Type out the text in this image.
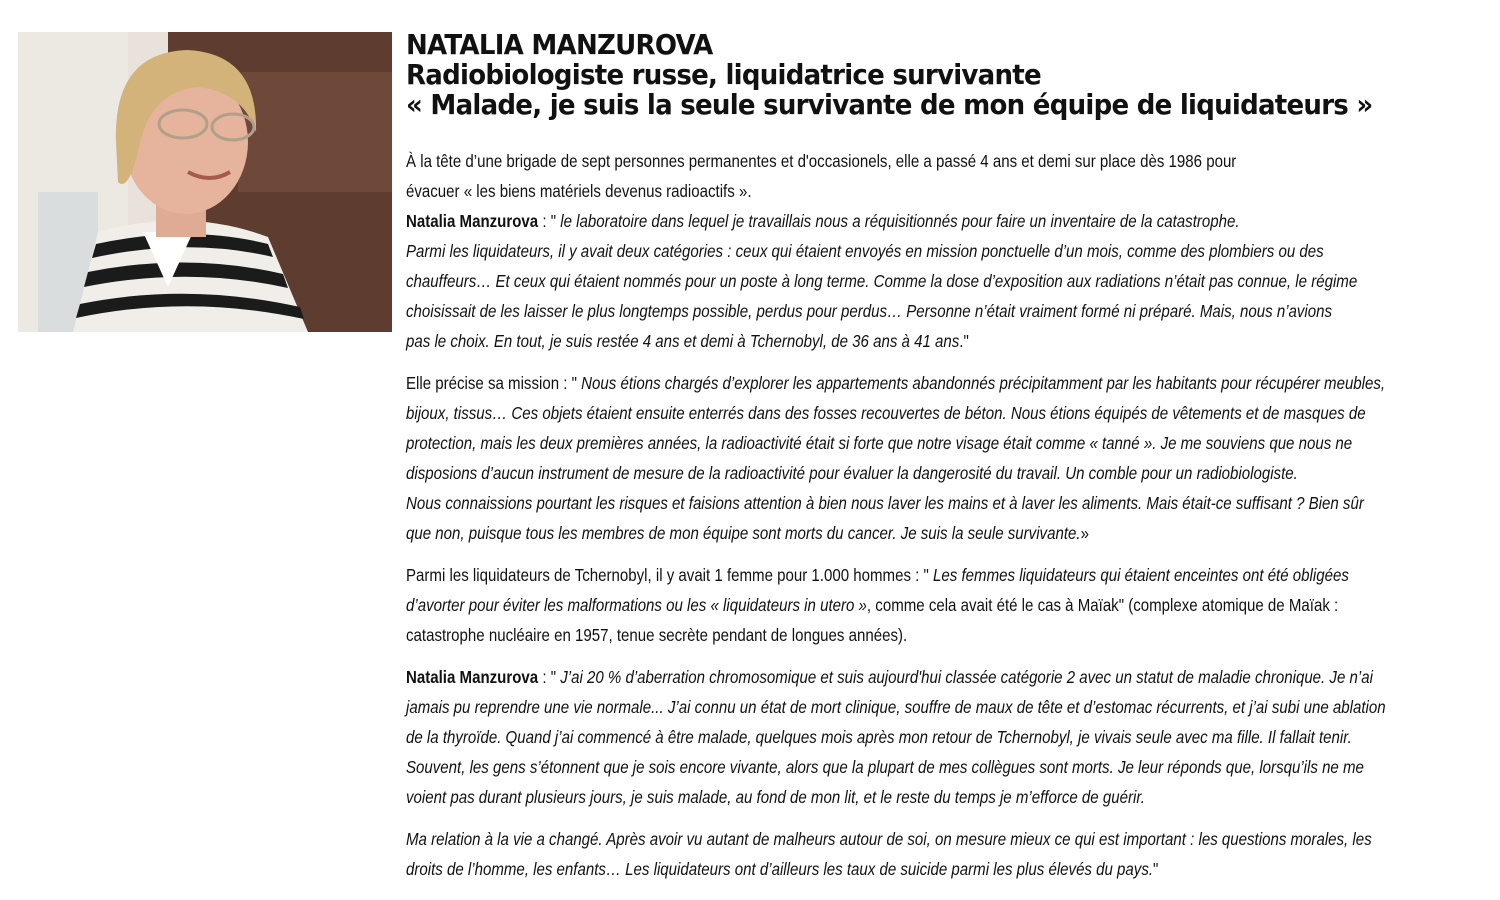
NATALIA MANZUROVA
Radiobiologiste russe, liquidatrice survivante
« Malade, je suis la seule survivante de mon équipe de liquidateurs »

À la tête d’une brigade de sept personnes permanentes et d'occasionels, elle a passé 4 ans et demi sur place dès 1986 pour
évacuer « les biens matériels devenus radioactifs ».
Natalia Manzurova : " le laboratoire dans lequel je travaillais nous a réquisitionnés pour faire un inventaire de la catastrophe.
Parmi les liquidateurs, il y avait deux catégories : ceux qui étaient envoyés en mission ponctuelle d’un mois, comme des plombiers ou des
chauffeurs… Et ceux qui étaient nommés pour un poste à long terme. Comme la dose d’exposition aux radiations n’était pas connue, le régime
choisissait de les laisser le plus longtemps possible, perdus pour perdus… Personne n’était vraiment formé ni préparé. Mais, nous n’avions
pas le choix. En tout, je suis restée 4 ans et demi à Tchernobyl, de 36 ans à 41 ans."

Elle précise sa mission : " Nous étions chargés d’explorer les appartements abandonnés précipitamment par les habitants pour récupérer meubles,
bijoux, tissus… Ces objets étaient ensuite enterrés dans des fosses recouvertes de béton. Nous étions équipés de vêtements et de masques de
protection, mais les deux premières années, la radioactivité était si forte que notre visage était comme « tanné ». Je me souviens que nous ne
disposions d’aucun instrument de mesure de la radioactivité pour évaluer la dangerosité du travail. Un comble pour un radiobiologiste.
Nous connaissions pourtant les risques et faisions attention à bien nous laver les mains et à laver les aliments. Mais était-ce suffisant ? Bien sûr
que non, puisque tous les membres de mon équipe sont morts du cancer. Je suis la seule survivante.»

Parmi les liquidateurs de Tchernobyl, il y avait 1 femme pour 1.000 hommes : " Les femmes liquidateurs qui étaient enceintes ont été obligées
d’avorter pour éviter les malformations ou les « liquidateurs in utero », comme cela avait été le cas à Maïak" (complexe atomique de Maïak :
catastrophe nucléaire en 1957, tenue secrète pendant de longues années).

Natalia Manzurova : " J’ai 20 % d’aberration chromosomique et suis aujourd'hui classée catégorie 2 avec un statut de maladie chronique. Je n’ai
jamais pu reprendre une vie normale... J’ai connu un état de mort clinique, souffre de maux de tête et d’estomac récurrents, et j’ai subi une ablation
de la thyroïde. Quand j’ai commencé à être malade, quelques mois après mon retour de Tchernobyl, je vivais seule avec ma fille. Il fallait tenir.
Souvent, les gens s’étonnent que je sois encore vivante, alors que la plupart de mes collègues sont morts. Je leur réponds que, lorsqu’ils ne me
voient pas durant plusieurs jours, je suis malade, au fond de mon lit, et le reste du temps je m’efforce de guérir.

Ma relation à la vie a changé. Après avoir vu autant de malheurs autour de soi, on mesure mieux ce qui est important : les questions morales, les
droits de l’homme, les enfants… Les liquidateurs ont d’ailleurs les taux de suicide parmi les plus élevés du pays."
